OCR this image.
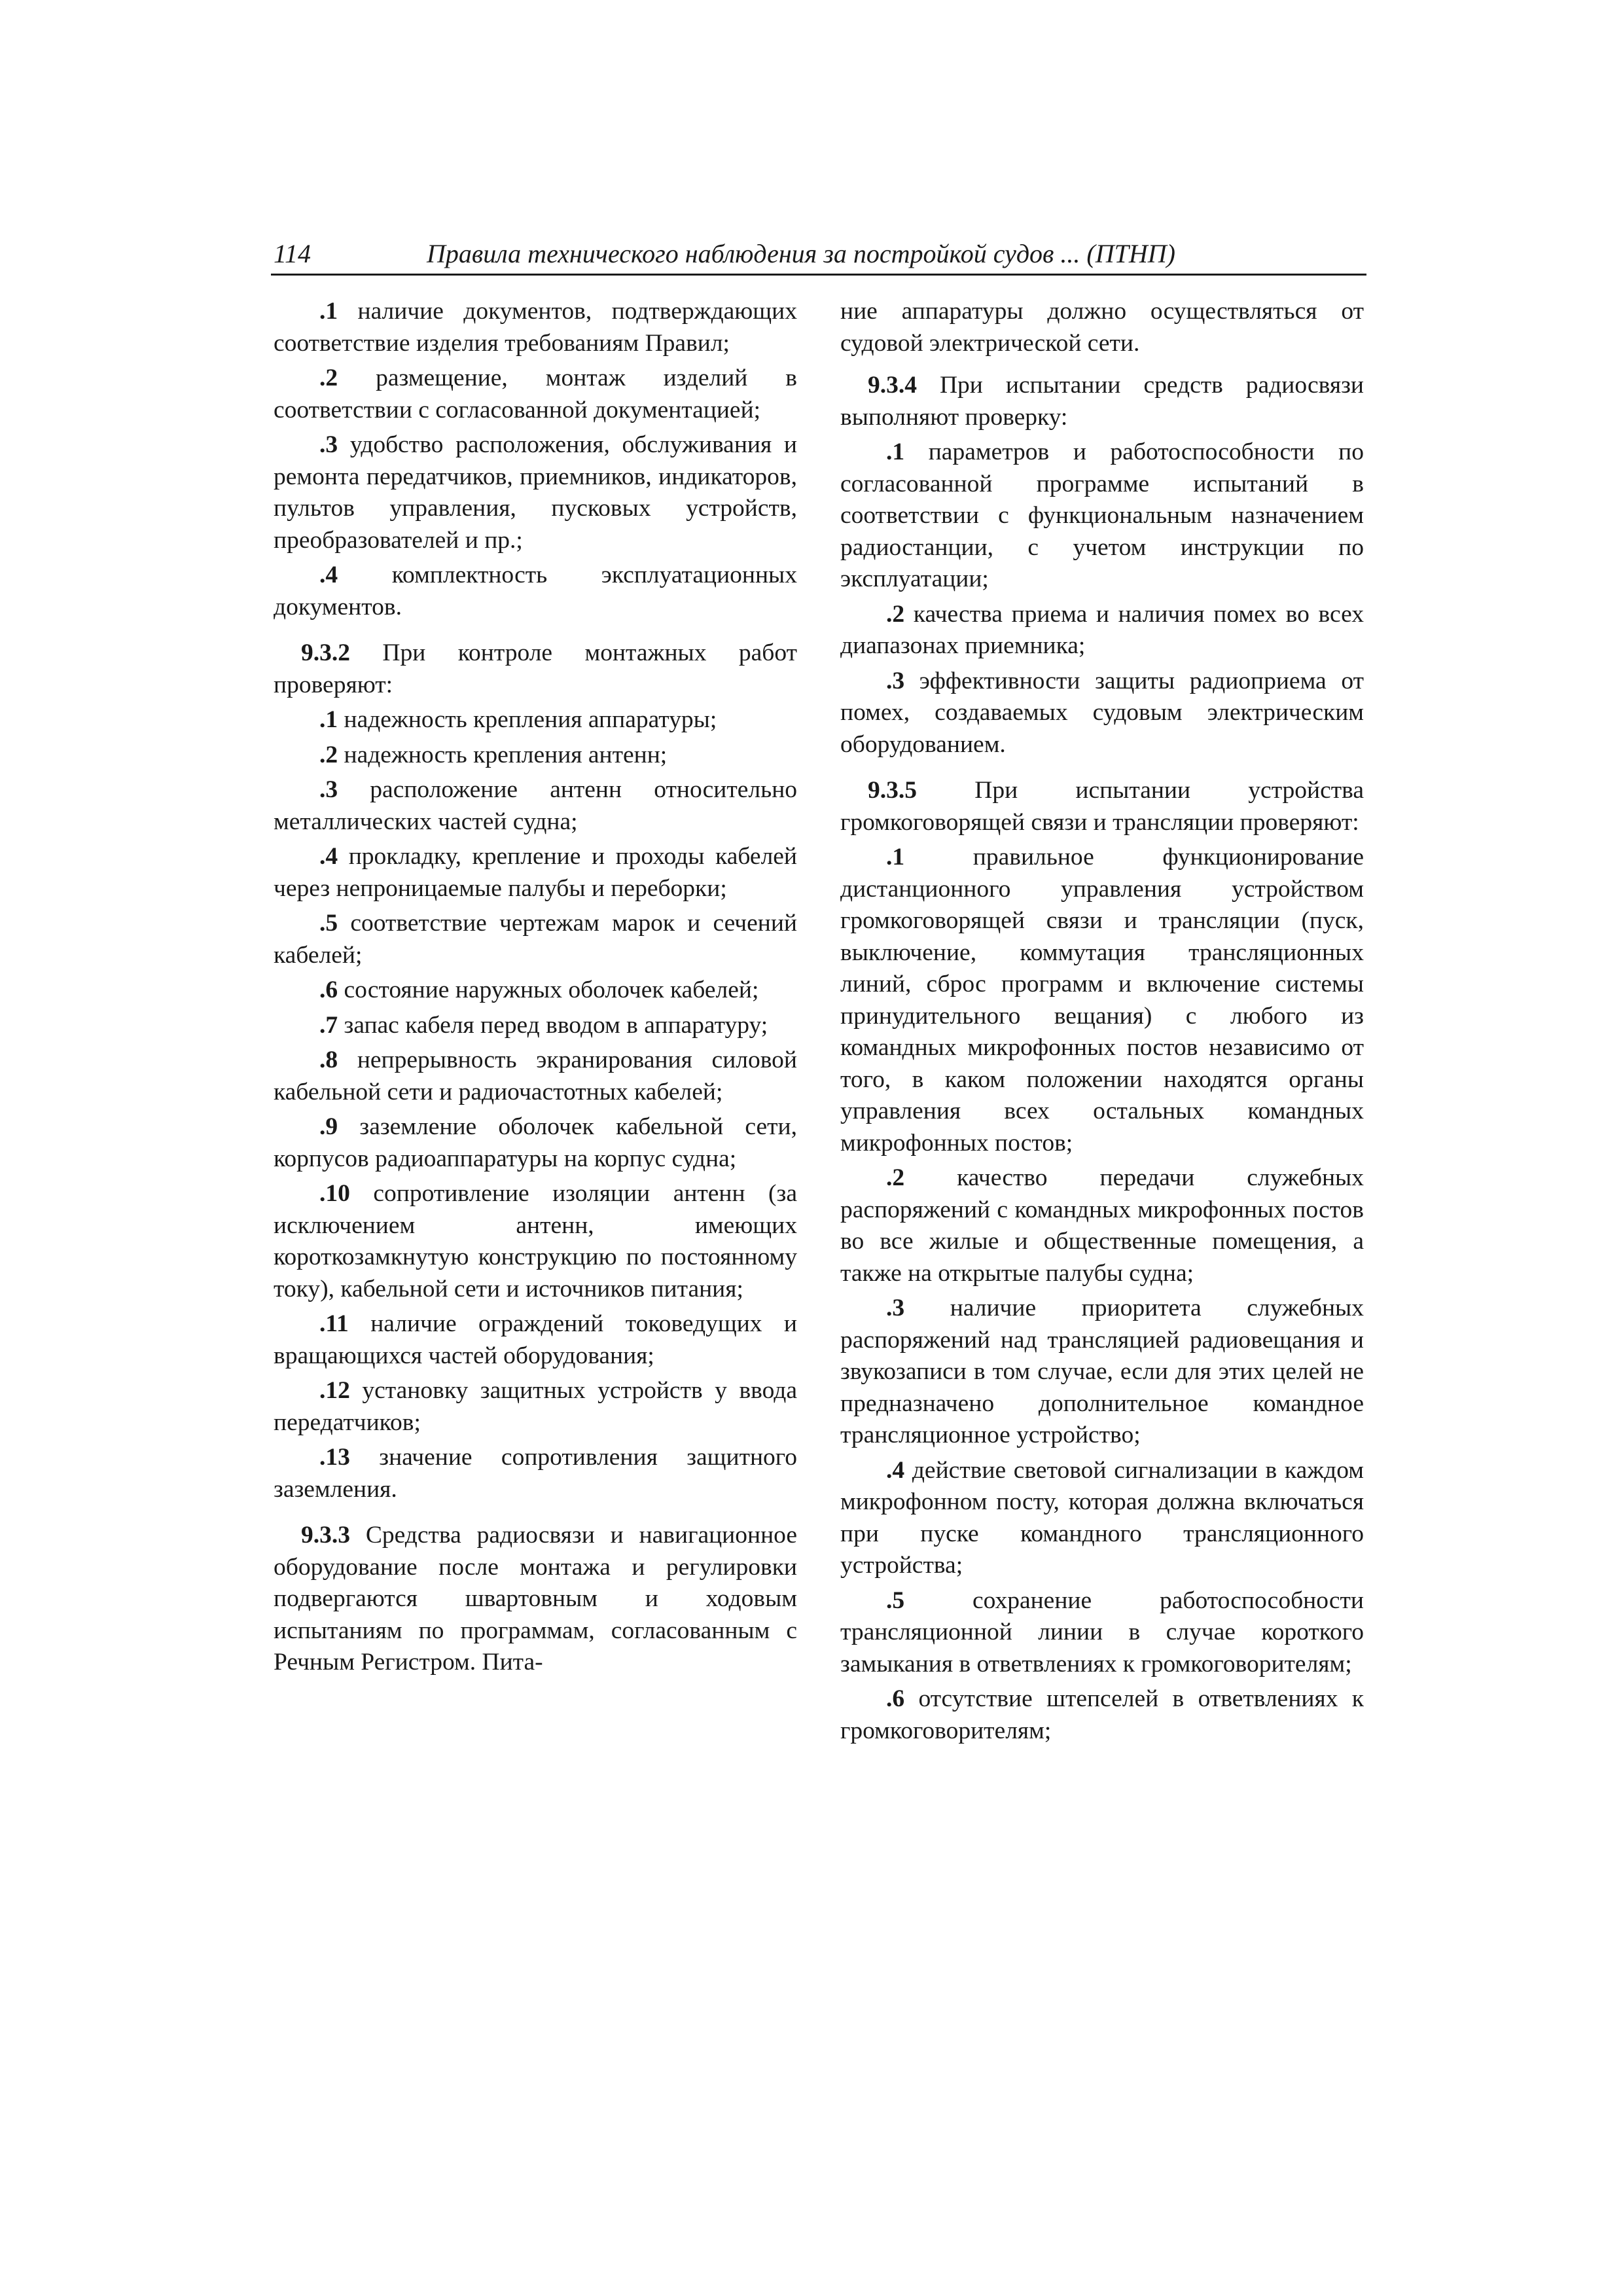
114	Правила технического наблюдения за постройкой судов ... (ПТНП)

.1 наличие документов, подтверждающих соответствие изделия требованиям Правил;

.2 размещение, монтаж изделий в соответствии с согласованной документацией;

.3 удобство расположения, обслуживания и ремонта передатчиков, приемников, индикаторов, пультов управления, пусковых устройств, преобразователей и пр.;

.4 комплектность эксплуатационных документов.

9.3.2 При контроле монтажных работ проверяют:

.1 надежность крепления аппаратуры;

.2 надежность крепления антенн;

.3 расположение антенн относительно металлических частей судна;

.4 прокладку, крепление и проходы кабелей через непроницаемые палубы и переборки;

.5 соответствие чертежам марок и сечений кабелей;

.6 состояние наружных оболочек кабелей;

.7 запас кабеля перед вводом в аппаратуру;

.8 непрерывность экранирования силовой кабельной сети и радиочастотных кабелей;

.9 заземление оболочек кабельной сети, корпусов радиоаппаратуры на корпус судна;

.10 сопротивление изоляции антенн (за исключением антенн, имеющих короткозамкнутую конструкцию по постоянному току), кабельной сети и источников питания;

.11 наличие ограждений токоведущих и вращающихся частей оборудования;

.12 установку защитных устройств у ввода передатчиков;

.13 значение сопротивления защитного заземления.

9.3.3 Средства радиосвязи и навигационное оборудование после монтажа и регулировки подвергаются швартовным и ходовым испытаниям по программам, согласованным с Речным Регистром. Пита-

ние аппаратуры должно осуществляться от судовой электрической сети.

9.3.4 При испытании средств радиосвязи выполняют проверку:

.1 параметров и работоспособности по согласованной программе испытаний в соответствии с функциональным назначением радиостанции, с учетом инструкции по эксплуатации;

.2 качества приема и наличия помех во всех диапазонах приемника;

.3 эффективности защиты радиоприема от помех, создаваемых судовым электрическим оборудованием.

9.3.5 При испытании устройства громкоговорящей связи и трансляции проверяют:

.1	правильное функционирование дистанционного управления устройством громкоговорящей связи и трансляции (пуск, выключение, коммутация трансляционных линий, сброс программ и включение системы принудительного вещания) с любого из командных микрофонных постов независимо от того, в каком положении находятся органы управления всех остальных командных микрофонных постов;

.2 качество передачи служебных распоряжений с командных микрофонных постов во все жилые и общественные помещения, а также на открытые палубы судна;

.3 наличие приоритета служебных распоряжений над трансляцией радиовещания и звукозаписи в том случае, если для этих целей не предназначено дополнительное командное трансляционное устройство;

.4 действие световой сигнализации в каждом микрофонном посту, которая должна включаться при пуске командного трансляционного устройства;

.5	сохранение работоспособности трансляционной линии в случае короткого замыкания в ответвлениях к громкоговорителям;

.6 отсутствие штепселей в ответвлениях к громкоговорителям;
